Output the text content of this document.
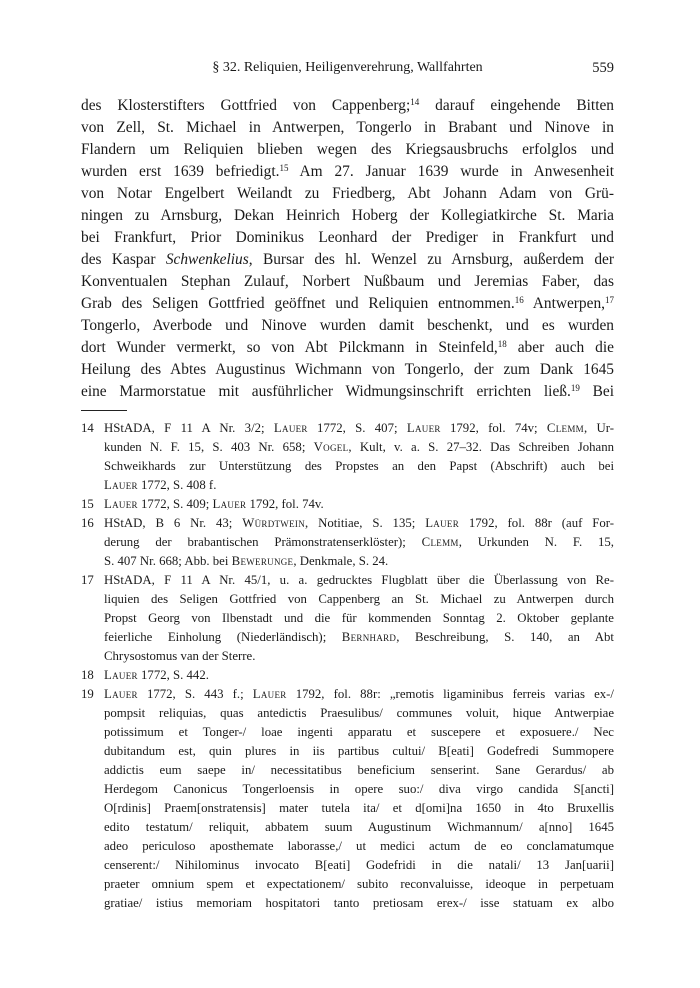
§ 32. Reliquien, Heiligenverehrung, Wallfahrten	559
des Klosterstifters Gottfried von Cappenberg;$^{14}$ darauf eingehende Bitten
von Zell, St. Michael in Antwerpen, Tongerlo in Brabant und Ninove in
Flandern um Reliquien blieben wegen des Kriegsausbruchs erfolglos und
wurden erst 1639 befriedigt.$^{15}$ Am 27. Januar 1639 wurde in Anwesenheit
von Notar Engelbert Weilandt zu Friedberg, Abt Johann Adam von Grü-
ningen zu Arnsburg, Dekan Heinrich Hoberg der Kollegiatkirche St. Maria
bei Frankfurt, Prior Dominikus Leonhard der Prediger in Frankfurt und
des Kaspar Schwenkelius, Bursar des hl. Wenzel zu Arnsburg, außerdem der
Konventualen Stephan Zulauf, Norbert Nußbaum und Jeremias Faber, das
Grab des Seligen Gottfried geöffnet und Reliquien entnommen.$^{16}$ Antwerpen,$^{17}$
Tongerlo, Averbode und Ninove wurden damit beschenkt, und es wurden
dort Wunder vermerkt, so von Abt Pilckmann in Steinfeld,$^{18}$ aber auch die
Heilung des Abtes Augustinus Wichmann von Tongerlo, der zum Dank 1645
eine Marmorstatue mit ausführlicher Widmungsinschrift errichten ließ.$^{19}$ Bei
14 HStADA, F 11 A Nr. 3/2; Lauer 1772, S. 407; Lauer 1792, fol. 74v; Clemm, Ur-
kunden N. F. 15, S. 403 Nr. 658; Vogel, Kult, v. a. S. 27–32. Das Schreiben Johann
Schweikhards zur Unterstützung des Propstes an den Papst (Abschrift) auch bei
Lauer 1772, S. 408 f.
15 Lauer 1772, S. 409; Lauer 1792, fol. 74v.
16 HStAD, B 6 Nr. 43; Würdtwein, Notitiae, S. 135; Lauer 1792, fol. 88r (auf For-
derung der brabantischen Prämonstratenserklöster); Clemm, Urkunden N. F. 15,
S. 407 Nr. 668; Abb. bei Bewerunge, Denkmale, S. 24.
17 HStADA, F 11 A Nr. 45/1, u. a. gedrucktes Flugblatt über die Überlassung von Re-
liquien des Seligen Gottfried von Cappenberg an St. Michael zu Antwerpen durch
Propst Georg von Ilbenstadt und die für kommenden Sonntag 2. Oktober geplante
feierliche Einholung (Niederländisch); Bernhard, Beschreibung, S. 140, an Abt
Chrysostomus van der Sterre.
18 Lauer 1772, S. 442.
19 Lauer 1772, S. 443 f.; Lauer 1792, fol. 88r: „remotis ligaminibus ferreis varias ex-/
pompsit reliquias, quas antedictis Praesulibus/ communes voluit, hique Antwerpiae
potissimum et Tonger-/ loae ingenti apparatu et suscepere et exposuere./ Nec
dubitandum est, quin plures in iis partibus cultui/ B[eati] Godefredi Summopere
addictis eum saepe in/ necessitatibus beneficium senserint. Sane Gerardus/ ab
Herdegom Canonicus Tongerloensis in opere suo:/ diva virgo candida S[ancti]
O[rdinis] Praem[onstratensis] mater tutela ita/ et d[omi]na 1650 in 4to Bruxellis
edito testatum/ reliquit, abbatem suum Augustinum Wichmannum/ a[nno] 1645
adeo periculoso aposthemate laborasse,/ ut medici actum de eo conclamatumque
censerent:/ Nihilominus invocato B[eati] Godefridi in die natali/ 13 Jan[uarii]
praeter omnium spem et expectationem/ subito reconvaluisse, ideoque in perpetuam
gratiae/ istius memoriam hospitatori tanto pretiosam erex-/ isse statuam ex albo
